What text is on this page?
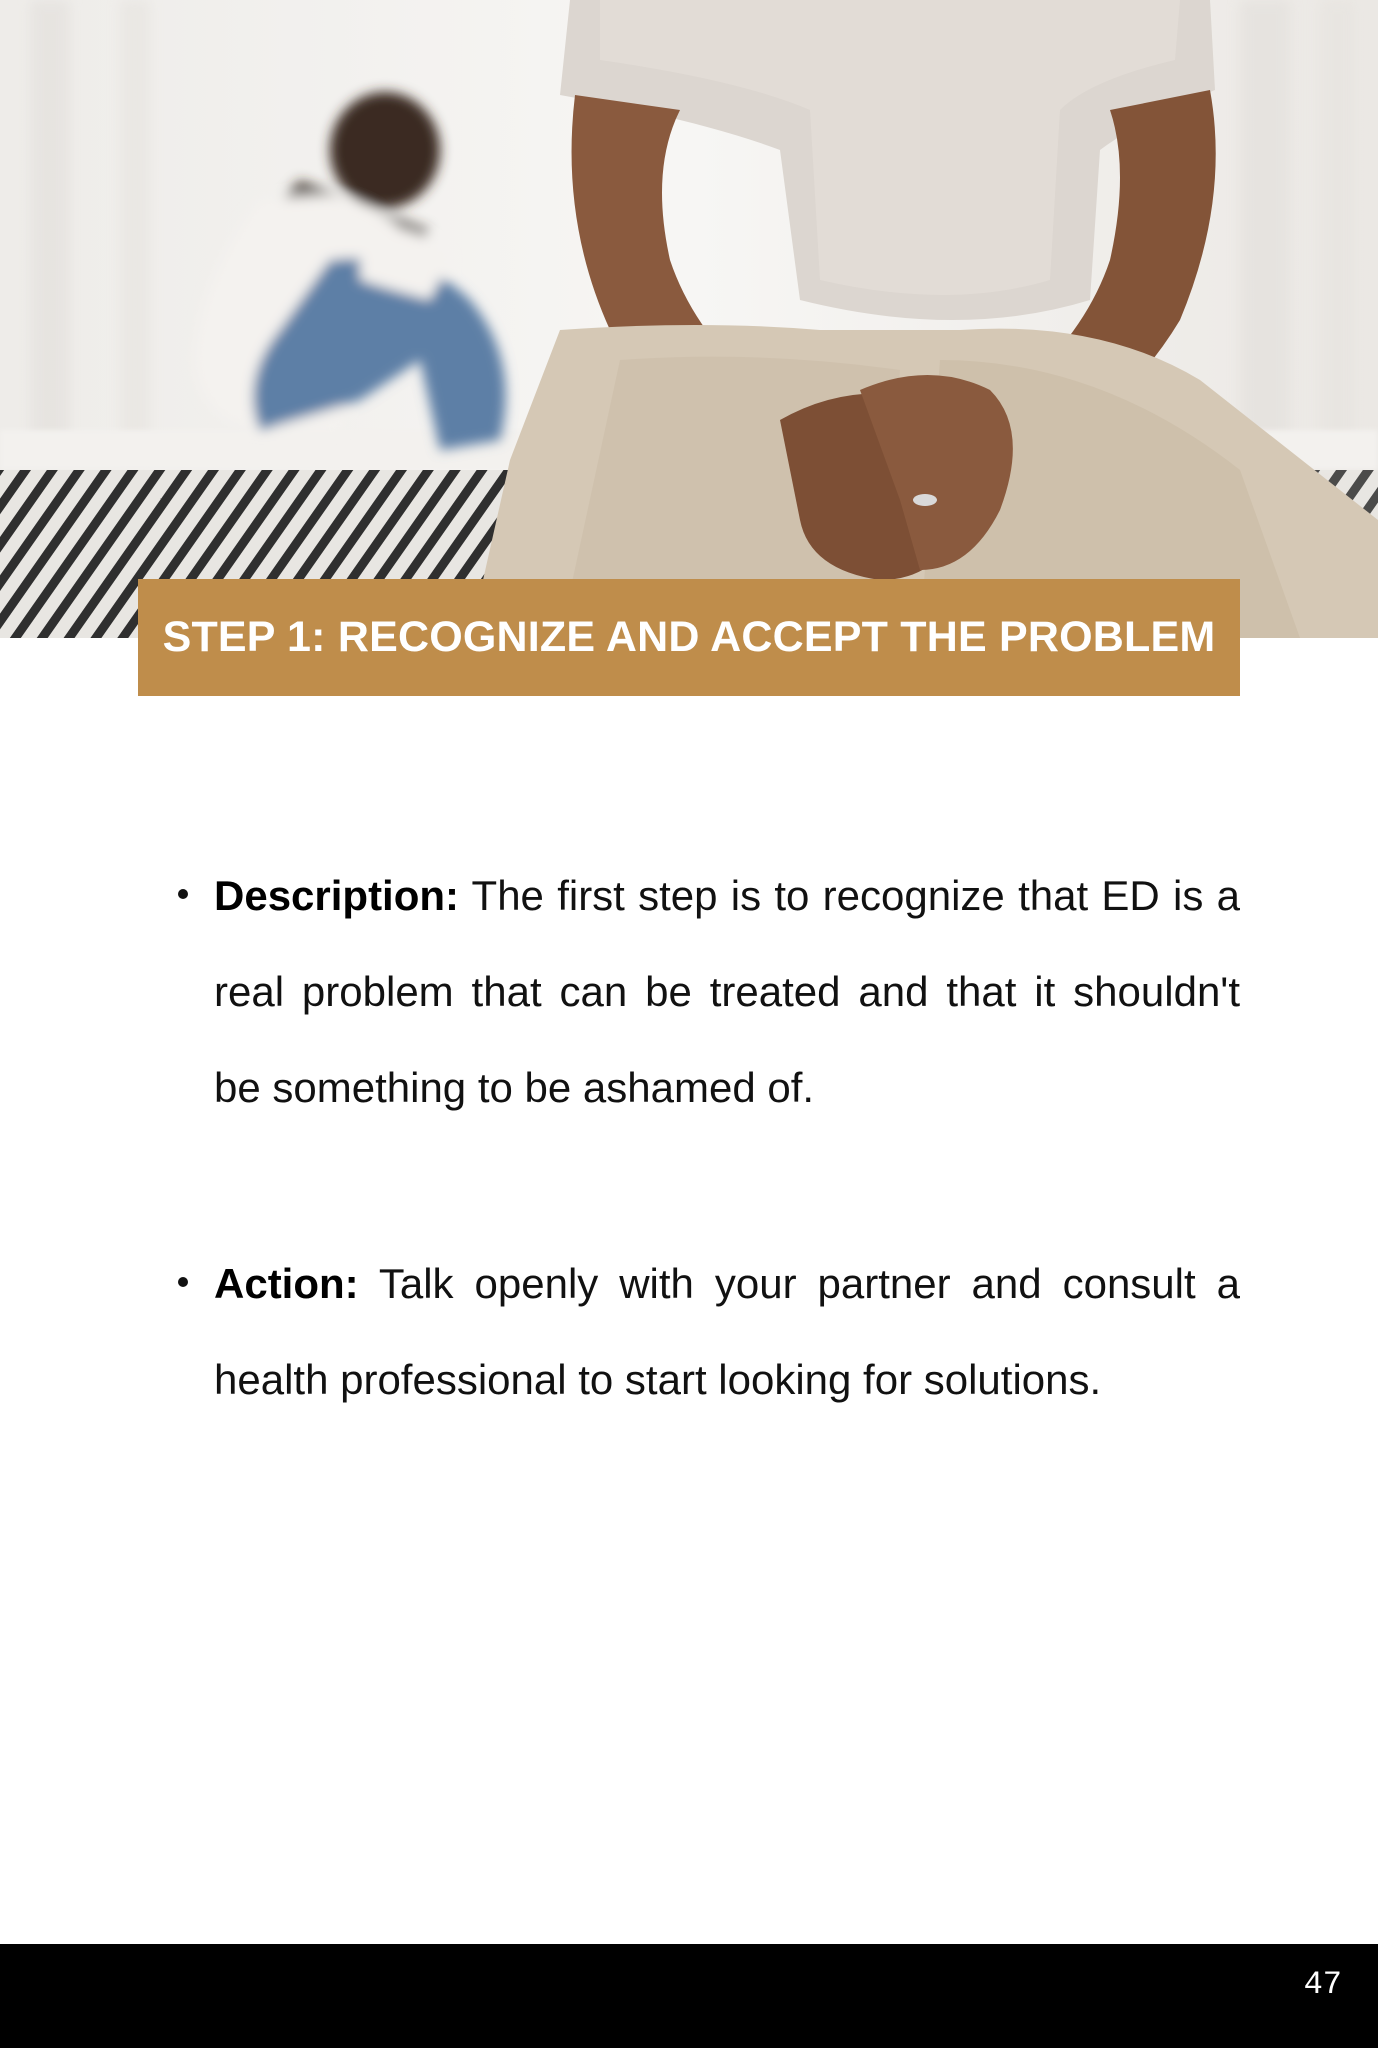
STEP 1: RECOGNIZE AND ACCEPT THE PROBLEM
Description: The first step is to recognize that ED is a real problem that can be treated and that it shouldn't be something to be ashamed of.
Action: Talk openly with your partner and consult a health professional to start looking for solutions.
47
